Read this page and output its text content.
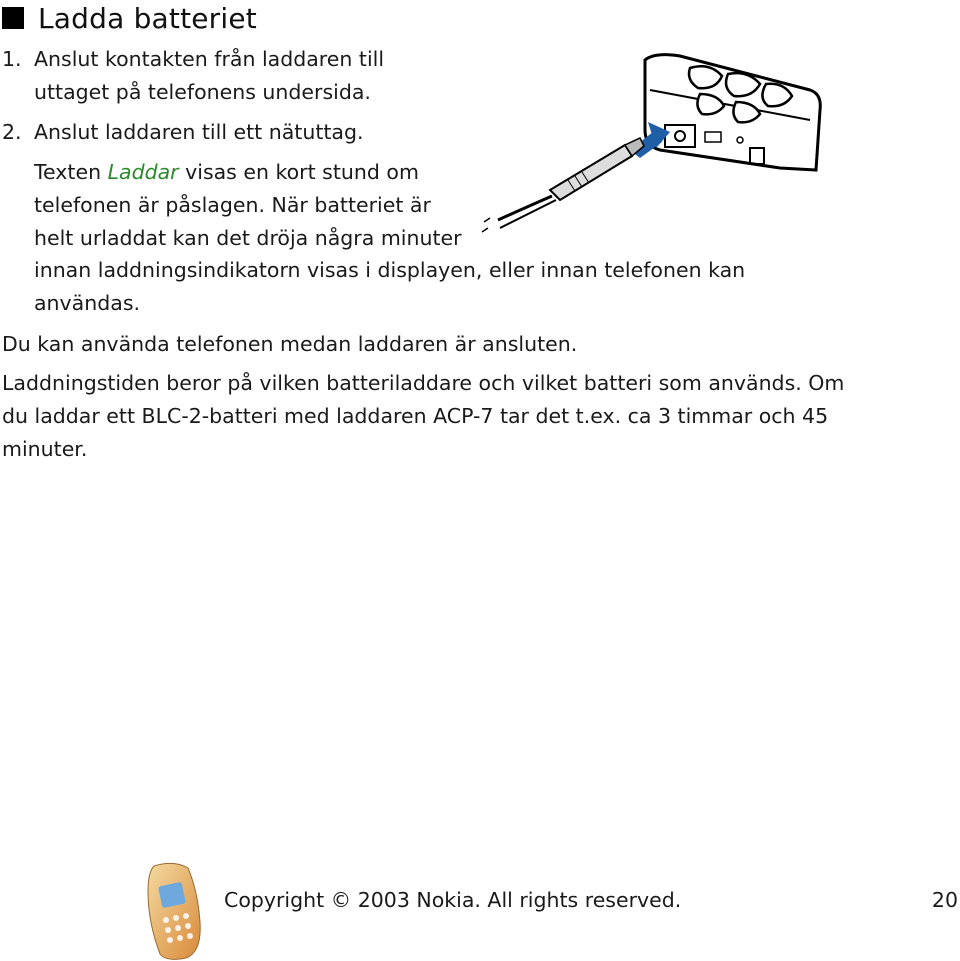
Ladda batteriet
1. Anslut kontakten från laddaren till
uttaget på telefonens undersida.
2. Anslut laddaren till ett nätuttag.
Texten Laddar visas en kort stund om
telefonen är påslagen. När batteriet är
helt urladdat kan det dröja några minuter
innan laddningsindikatorn visas i displayen, eller innan telefonen kan
användas.
Du kan använda telefonen medan laddaren är ansluten.
Laddningstiden beror på vilken batteriladdare och vilket batteri som används. Om
du laddar ett BLC-2-batteri med laddaren ACP-7 tar det t.ex. ca 3 timmar och 45
minuter.
Copyright © 2003 Nokia. All rights reserved.	20
